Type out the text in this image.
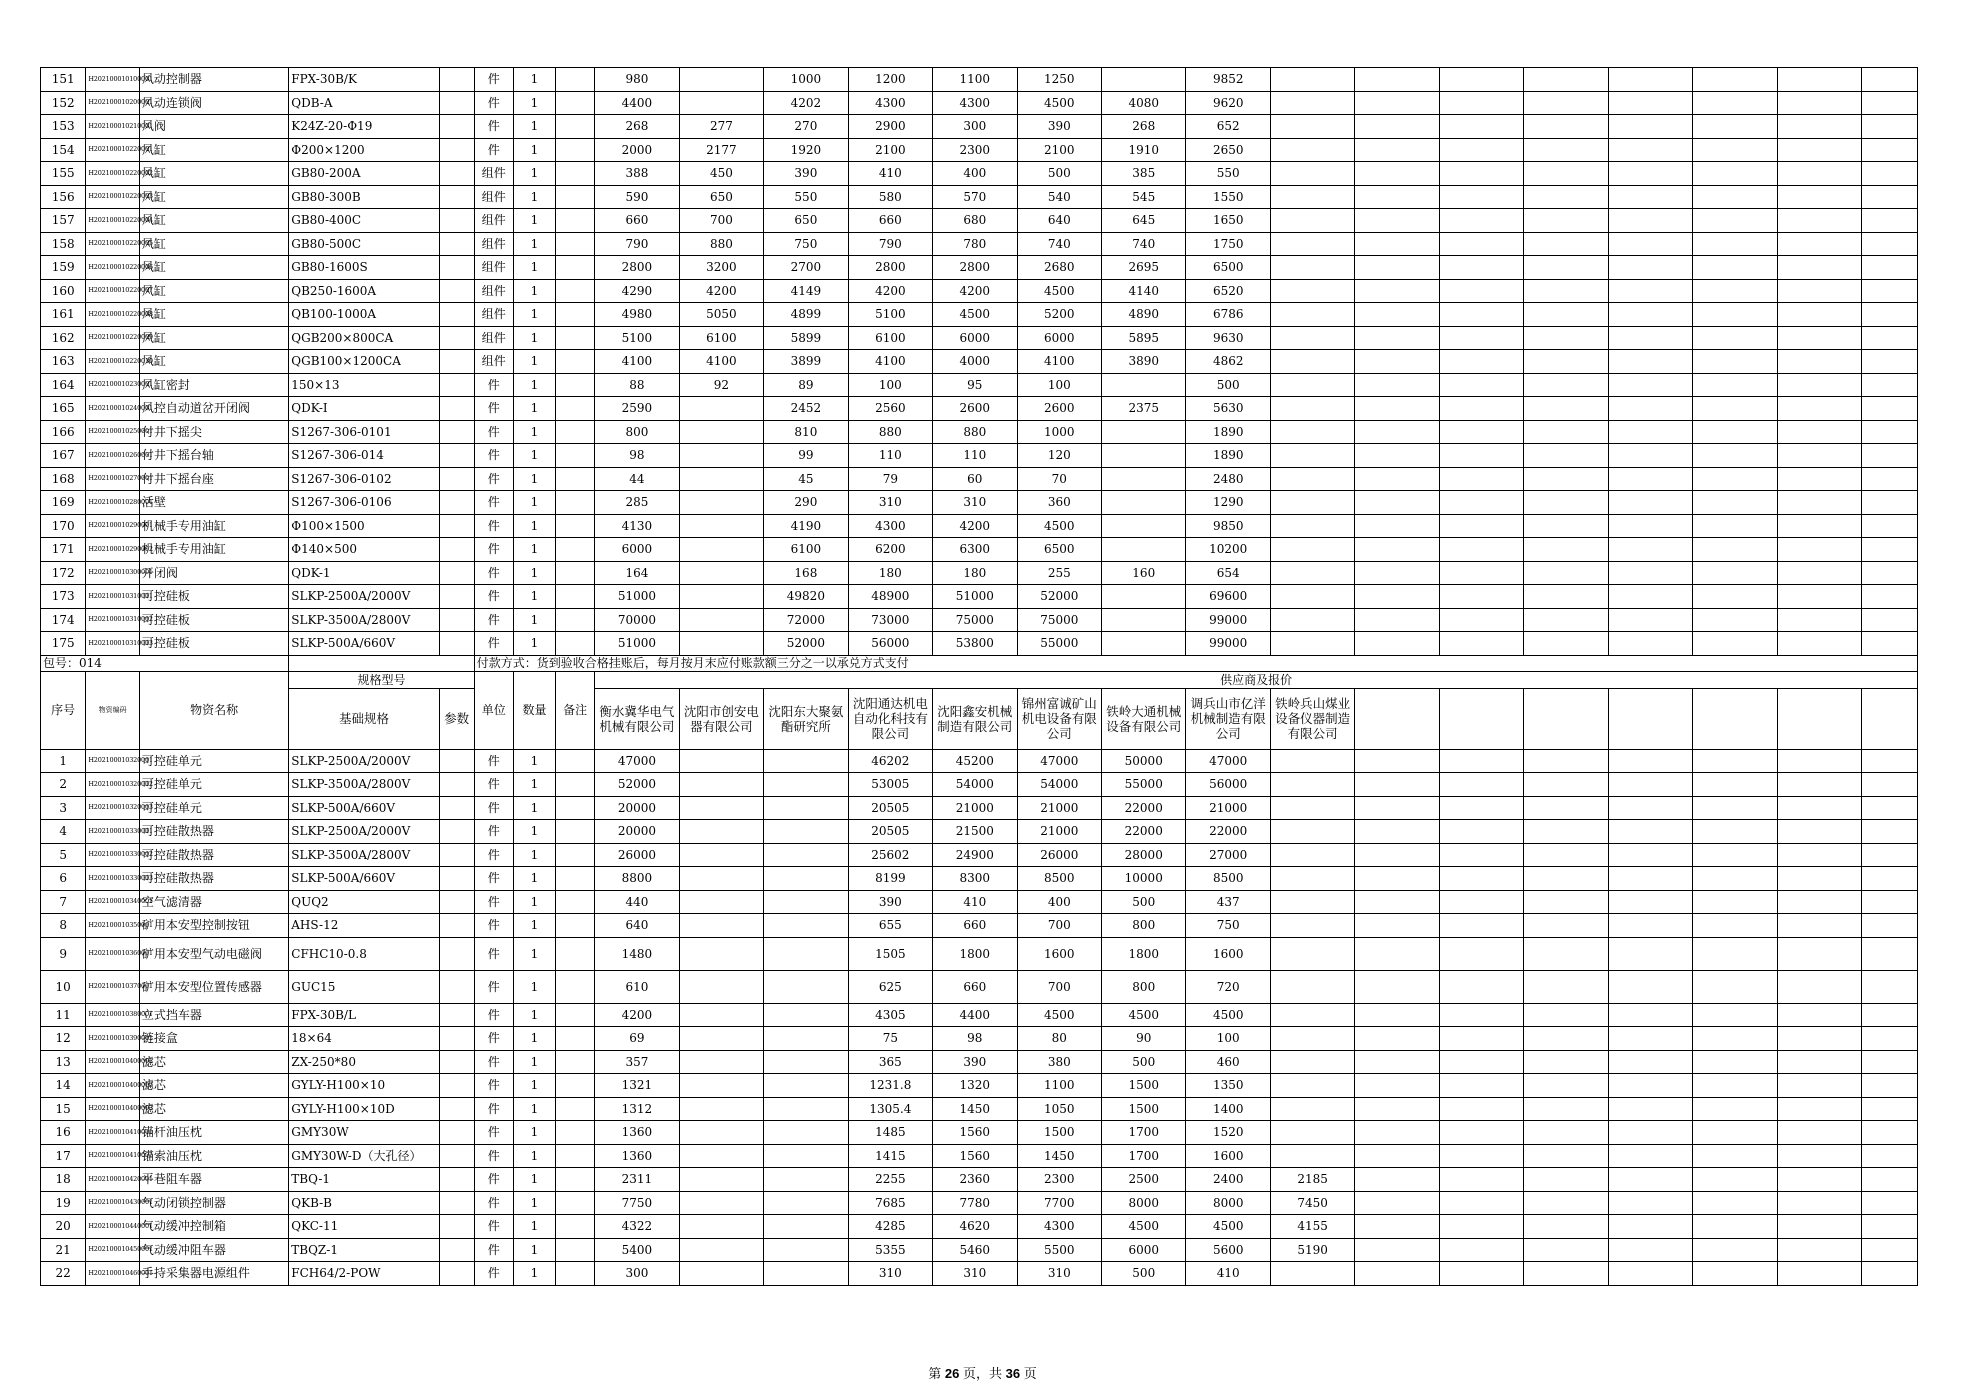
151	H202100010100001	风动控制器	FPX-30B/K		件	1		980		1000	1200	1100	1250		9852								
152	H202100010200001	风动连锁阀	QDB-A		件	1		4400		4202	4300	4300	4500	4080	9620								
153	H202100010210001	风阀	K24Z-20-Φ19		件	1		268	277	270	2900	300	390	268	652								
154	H202100010220001	风缸	Φ200×1200		件	1		2000	2177	1920	2100	2300	2100	1910	2650								
155	H202100010220002	风缸	GB80-200A		组件	1		388	450	390	410	400	500	385	550								
156	H202100010220003	风缸	GB80-300B		组件	1		590	650	550	580	570	540	545	1550								
157	H202100010220004	风缸	GB80-400C		组件	1		660	700	650	660	680	640	645	1650								
158	H202100010220005	风缸	GB80-500C		组件	1		790	880	750	790	780	740	740	1750								
159	H202100010220006	风缸	GB80-1600S		组件	1		2800	3200	2700	2800	2800	2680	2695	6500								
160	H202100010220007	风缸	QB250-1600A		组件	1		4290	4200	4149	4200	4200	4500	4140	6520								
161	H202100010220008	风缸	QB100-1000A		组件	1		4980	5050	4899	5100	4500	5200	4890	6786								
162	H202100010220009	风缸	QGB200×800CA		组件	1		5100	6100	5899	6100	6000	6000	5895	9630								
163	H202100010220010	风缸	QGB100×1200CA		组件	1		4100	4100	3899	4100	4000	4100	3890	4862								
164	H202100010230001	风缸密封	150×13		件	1		88	92	89	100	95	100		500								
165	H202100010240001	风控自动道岔开闭阀	QDK-I		件	1		2590		2452	2560	2600	2600	2375	5630								
166	H202100010250001	付井下摇尖	S1267-306-0101		件	1		800		810	880	880	1000		1890								
167	H202100010260001	付井下摇台轴	S1267-306-014		件	1		98		99	110	110	120		1890								
168	H202100010270001	付井下摇台座	S1267-306-0102		件	1		44		45	79	60	70		2480								
169	H202100010280001	活壁	S1267-306-0106		件	1		285		290	310	310	360		1290								
170	H202100010290001	机械手专用油缸	Φ100×1500		件	1		4130		4190	4300	4200	4500		9850								
171	H202100010290002	机械手专用油缸	Φ140×500		件	1		6000		6100	6200	6300	6500		10200								
172	H202100010300001	开闭阀	QDK-1		件	1		164		168	180	180	255	160	654								
173	H202100010310001	可控硅板	SLKP-2500A/2000V		件	1		51000		49820	48900	51000	52000		69600								
174	H202100010310002	可控硅板	SLKP-3500A/2800V		件	1		70000		72000	73000	75000	75000		99000								
175	H202100010310003	可控硅板	SLKP-500A/660V		件	1		51000		52000	56000	53800	55000		99000								
包号：014					付款方式：货到验收合格挂账后，每月按月末应付账款额三分之一以承兑方式支付																		
序号	物资编码	物资名称	规格型号		单位	数量	备注	供应商及报价															
			基础规格	参数				衡水冀华电气机械有限公司	沈阳市创安电器有限公司	沈阳东大聚氨酯研究所	沈阳通达机电自动化科技有限公司	沈阳鑫安机械制造有限公司	锦州富诚矿山机电设备有限公司	铁岭大通机械设备有限公司	调兵山市亿洋机械制造有限公司	铁岭兵山煤业设备仪器制造有限公司							
1	H202100010320001	可控硅单元	SLKP-2500A/2000V		件	1		47000			46202	45200	47000	50000	47000								
2	H202100010320002	可控硅单元	SLKP-3500A/2800V		件	1		52000			53005	54000	54000	55000	56000								
3	H202100010320003	可控硅单元	SLKP-500A/660V		件	1		20000			20505	21000	21000	22000	21000								
4	H202100010330001	可控硅散热器	SLKP-2500A/2000V		件	1		20000			20505	21500	21000	22000	22000								
5	H202100010330002	可控硅散热器	SLKP-3500A/2800V		件	1		26000			25602	24900	26000	28000	27000								
6	H202100010330003	可控硅散热器	SLKP-500A/660V		件	1		8800			8199	8300	8500	10000	8500								
7	H202100010340001	空气滤清器	QUQ2		件	1		440			390	410	400	500	437								
8	H202100010350001	矿用本安型控制按钮	AHS-12		件	1		640			655	660	700	800	750								
9	H202100010360001	矿用本安型气动电磁阀	CFHC10-0.8		件	1		1480			1505	1800	1600	1800	1600								
10	H202100010370001	矿用本安型位置传感器	GUC15		件	1		610			625	660	700	800	720								
11	H202100010380001	立式挡车器	FPX-30B/L		件	1		4200			4305	4400	4500	4500	4500								
12	H202100010390001	链接盒	18×64		件	1		69			75	98	80	90	100								
13	H202100010400001	滤芯	ZX-250*80		件	1		357			365	390	380	500	460								
14	H202100010400002	滤芯	GYLY-H100×10		件	1		1321			1231.8	1320	1100	1500	1350								
15	H202100010400003	滤芯	GYLY-H100×10D		件	1		1312			1305.4	1450	1050	1500	1400								
16	H202100010410001	锚杆油压枕	GMY30W		件	1		1360			1485	1560	1500	1700	1520								
17	H202100010410002	锚索油压枕	GMY30W-D（大孔径）		件	1		1360			1415	1560	1450	1700	1600								
18	H202100010420001	平巷阻车器	TBQ-1		件	1		2311			2255	2360	2300	2500	2400	2185							
19	H202100010430001	气动闭锁控制器	QKB-B		件	1		7750			7685	7780	7700	8000	8000	7450							
20	H202100010440001	气动缓冲控制箱	QKC-11		件	1		4322			4285	4620	4300	4500	4500	4155							
21	H202100010450001	气动缓冲阻车器	TBQZ-1		件	1		5400			5355	5460	5500	6000	5600	5190							
22	H202100010460001	手持采集器电源组件	FCH64/2-POW		件	1		300			310	310	310	500	410								
第 26 页，共 36 页
